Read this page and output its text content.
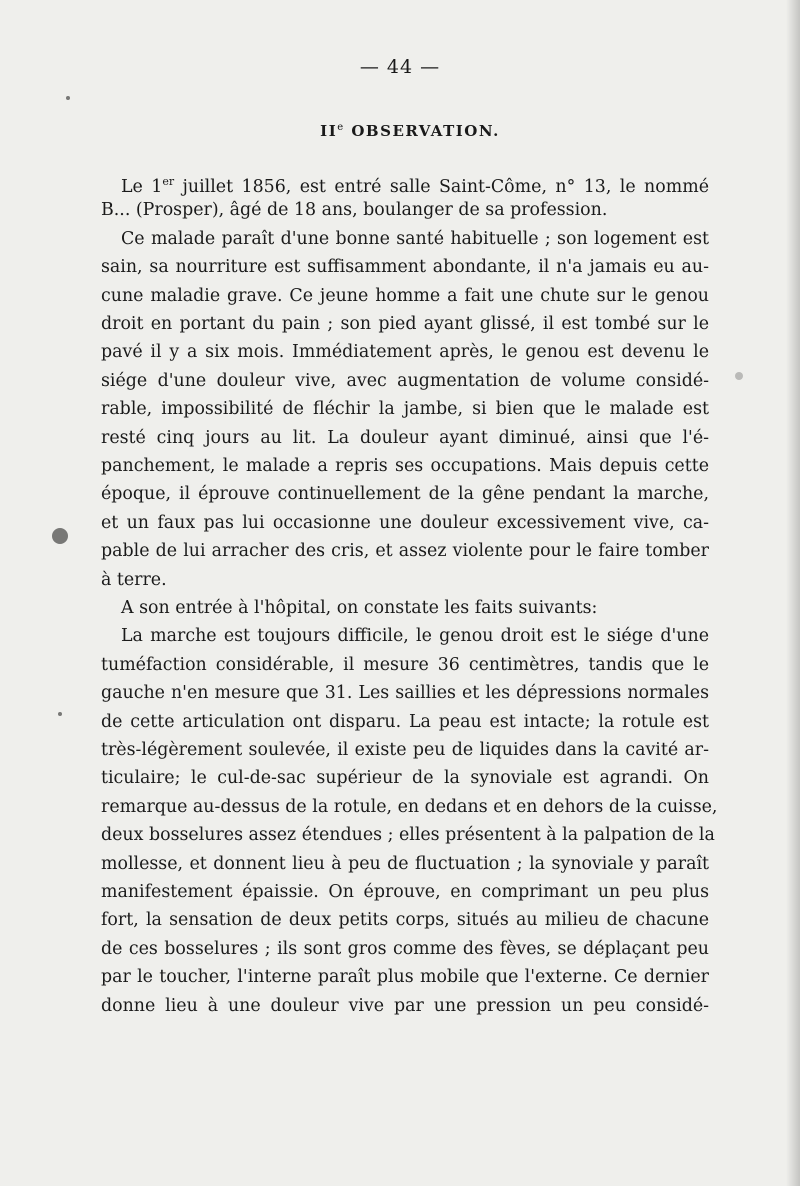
— 44 —
IIe OBSERVATION.
Le 1er juillet 1856, est entré salle Saint-Côme, n° 13, le nommé
B... (Prosper), âgé de 18 ans, boulanger de sa profession.
Ce malade paraît d'une bonne santé habituelle ; son logement est
sain, sa nourriture est suffisamment abondante, il n'a jamais eu au-
cune maladie grave. Ce jeune homme a fait une chute sur le genou
droit en portant du pain ; son pied ayant glissé, il est tombé sur le
pavé il y a six mois. Immédiatement après, le genou est devenu le
siége d'une douleur vive, avec augmentation de volume considé-
rable, impossibilité de fléchir la jambe, si bien que le malade est
resté cinq jours au lit. La douleur ayant diminué, ainsi que l'é-
panchement, le malade a repris ses occupations. Mais depuis cette
époque, il éprouve continuellement de la gêne pendant la marche,
et un faux pas lui occasionne une douleur excessivement vive, ca-
pable de lui arracher des cris, et assez violente pour le faire tomber
à terre.
A son entrée à l'hôpital, on constate les faits suivants:
La marche est toujours difficile, le genou droit est le siége d'une
tuméfaction considérable, il mesure 36 centimètres, tandis que le
gauche n'en mesure que 31. Les saillies et les dépressions normales
de cette articulation ont disparu. La peau est intacte; la rotule est
très-légèrement soulevée, il existe peu de liquides dans la cavité ar-
ticulaire; le cul-de-sac supérieur de la synoviale est agrandi. On
remarque au-dessus de la rotule, en dedans et en dehors de la cuisse,
deux bosselures assez étendues ; elles présentent à la palpation de la
mollesse, et donnent lieu à peu de fluctuation ; la synoviale y paraît
manifestement épaissie. On éprouve, en comprimant un peu plus
fort, la sensation de deux petits corps, situés au milieu de chacune
de ces bosselures ; ils sont gros comme des fèves, se déplaçant peu
par le toucher, l'interne paraît plus mobile que l'externe. Ce dernier
donne lieu à une douleur vive par une pression un peu considé-
